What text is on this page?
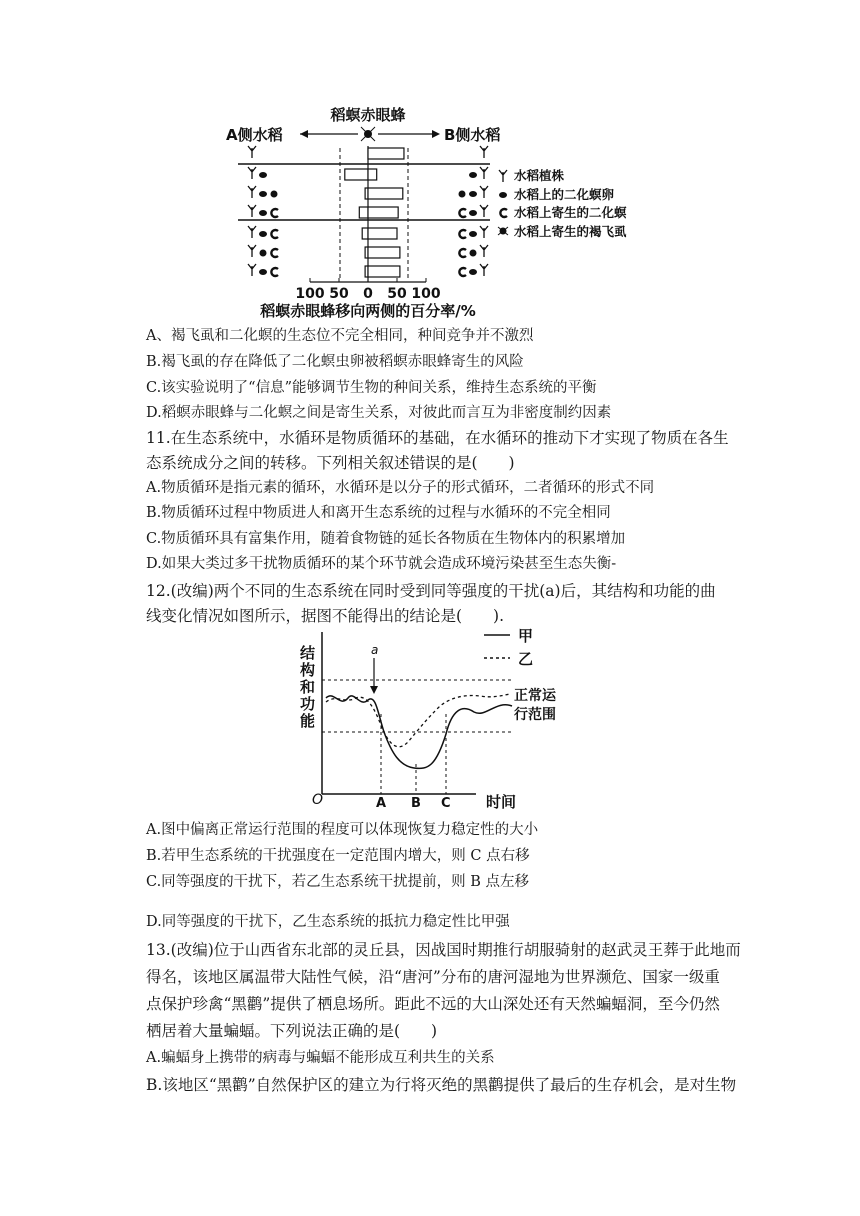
稻螟赤眼蜂
A侧水稻	B侧水稻
100 50 0 50 100
稻螟赤眼蜂移向两侧的百分率/%
水稻植株
水稻上的二化螟卵
水稻上寄生的二化螟
水稻上寄生的褐飞虱
A、褐飞虱和二化螟的生态位不完全相同，种间竞争并不激烈
B.褐飞虱的存在降低了二化螟虫卵被稻螟赤眼蜂寄生的风险
C.该实验说明了“信息”能够调节生物的种间关系，维持生态系统的平衡
D.稻螟赤眼蜂与二化螟之间是寄生关系，对彼此而言互为非密度制约因素
11.在生态系统中，水循环是物质循环的基础，在水循环的推动下才实现了物质在各生
态系统成分之间的转移。下列相关叙述错误的是(　　)
A.物质循环是指元素的循环，水循环是以分子的形式循环，二者循环的形式不同
B.物质循环过程中物质进人和离开生态系统的过程与水循环的不完全相同
C.物质循环具有富集作用，随着食物链的延长各物质在生物体内的积累增加
D.如果大类过多干扰物质循环的某个环节就会造成环境污染甚至生态失衡-
12.(改编)两个不同的生态系统在同时受到同等强度的干扰(a)后，其结构和功能的曲
线变化情况如图所示，据图不能得出的结论是(　　).
甲
乙
结构和功能
O	时间
正常运
行范围
a
A B C
A.图中偏离正常运行范围的程度可以体现恢复力稳定性的大小
B.若甲生态系统的干扰强度在一定范围内增大，则 C 点右移
C.同等强度的干扰下，若乙生态系统干扰提前，则 B 点左移
D.同等强度的干扰下，乙生态系统的抵抗力稳定性比甲强
13.(改编)位于山西省东北部的灵丘县，因战国时期推行胡服骑射的赵武灵王葬于此地而
得名，该地区属温带大陆性气候，沿“唐河”分布的唐河湿地为世界濒危、国家一级重
点保护珍禽“黑鹳”提供了栖息场所。距此不远的大山深处还有天然蝙蝠洞，至今仍然
栖居着大量蝙蝠。下列说法正确的是(　　)
A.蝙蝠身上携带的病毒与蝙蝠不能形成互利共生的关系
B.该地区“黑鹳”自然保护区的建立为行将灭绝的黑鹳提供了最后的生存机会，是对生物
